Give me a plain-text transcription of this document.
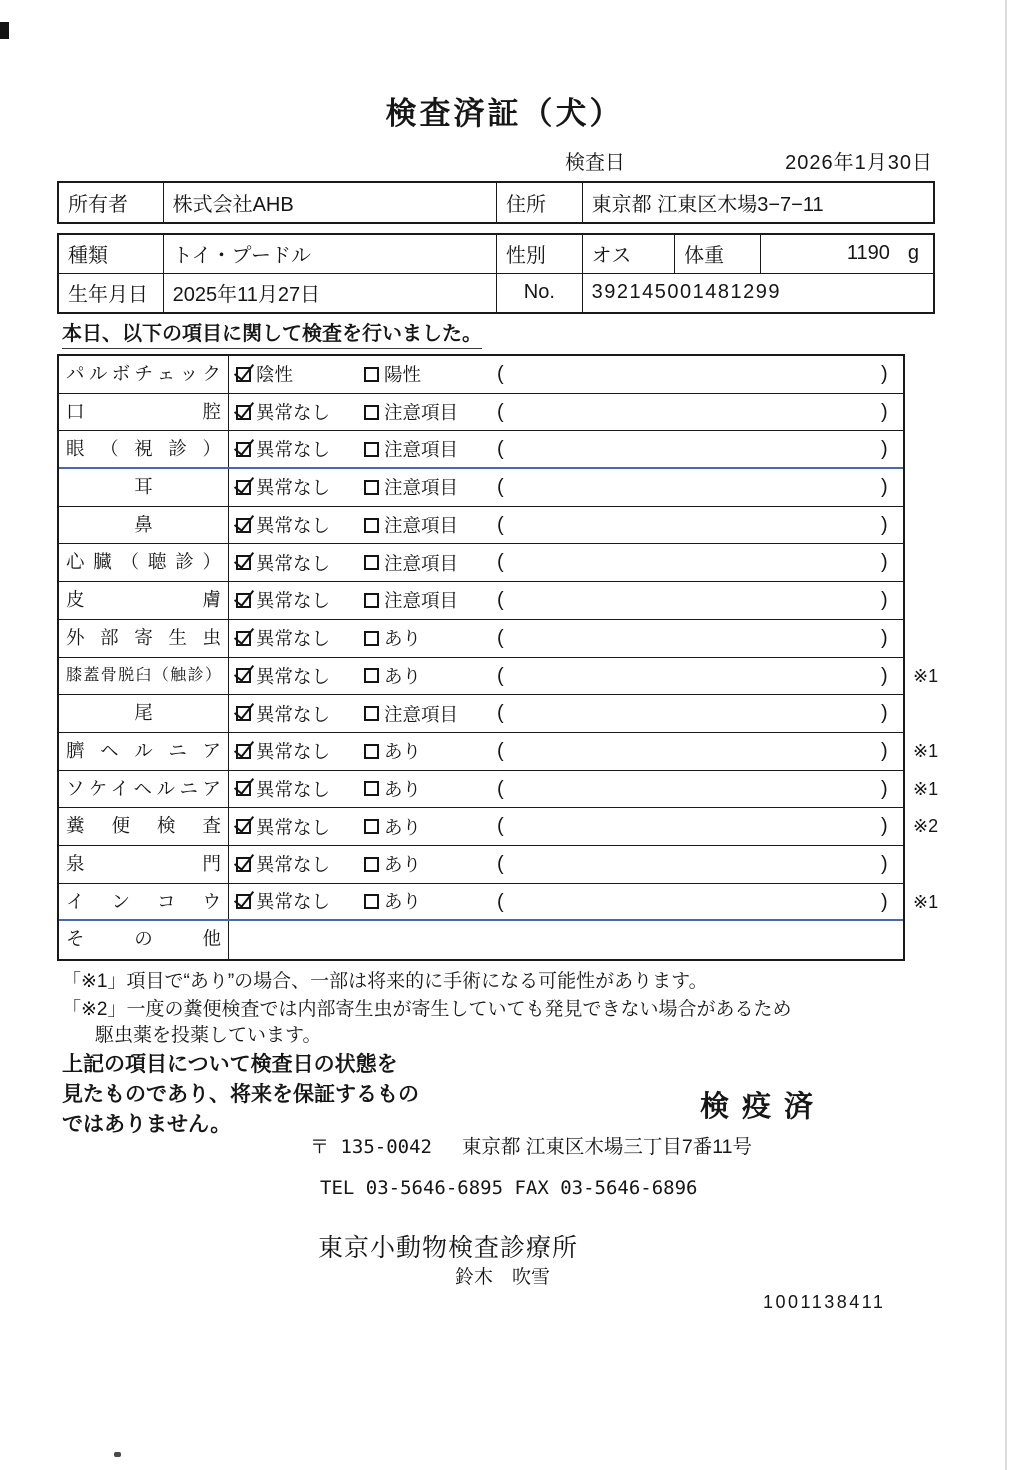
検査済証（犬）
検査日	2026年1月30日
所有者	株式会社AHB	住所	東京都 江東区木場3−7−11
種類	トイ・プードル	性別	オス	体重	1190 g
生年月日	2025年11月27日	No.	392145001481299
本日、以下の項目に関して検査を行いました。
パルボチェック	陰性	陽性	(	)
口腔	異常なし	注意項目 (	)
眼（視診）	異常なし	注意項目 (	)
耳	異常なし	注意項目 (	)
鼻	異常なし	注意項目 (	)
心臓（聴診）	異常なし	注意項目 (	)
皮膚	異常なし	注意項目 (	)
外部寄生虫	異常なし	あり	(	)
膝蓋骨脱臼（触診）	異常なし	あり	(	) ※1
尾	異常なし	注意項目 (	)
臍ヘルニア	異常なし	あり	(	) ※1
ソケイヘルニア	異常なし	あり	(	) ※1
糞便検査	異常なし	あり	(	) ※2
泉門	異常なし	あり	(	)
インコウ	異常なし	あり	(	) ※1
その他
「※1」項目で“あり”の場合、一部は将来的に手術になる可能性があります。
「※2」一度の糞便検査では内部寄生虫が寄生していても発見できない場合があるため
駆虫薬を投薬しています。
上記の項目について検査日の状態を
見たものであり、将来を保証するもの
ではありません。
検疫済
〒 135-0042 東京都 江東区木場三丁目7番11号
TEL 03-5646-6895 FAX 03-5646-6896
東京小動物検査診療所
鈴木　吹雪
1001138411
